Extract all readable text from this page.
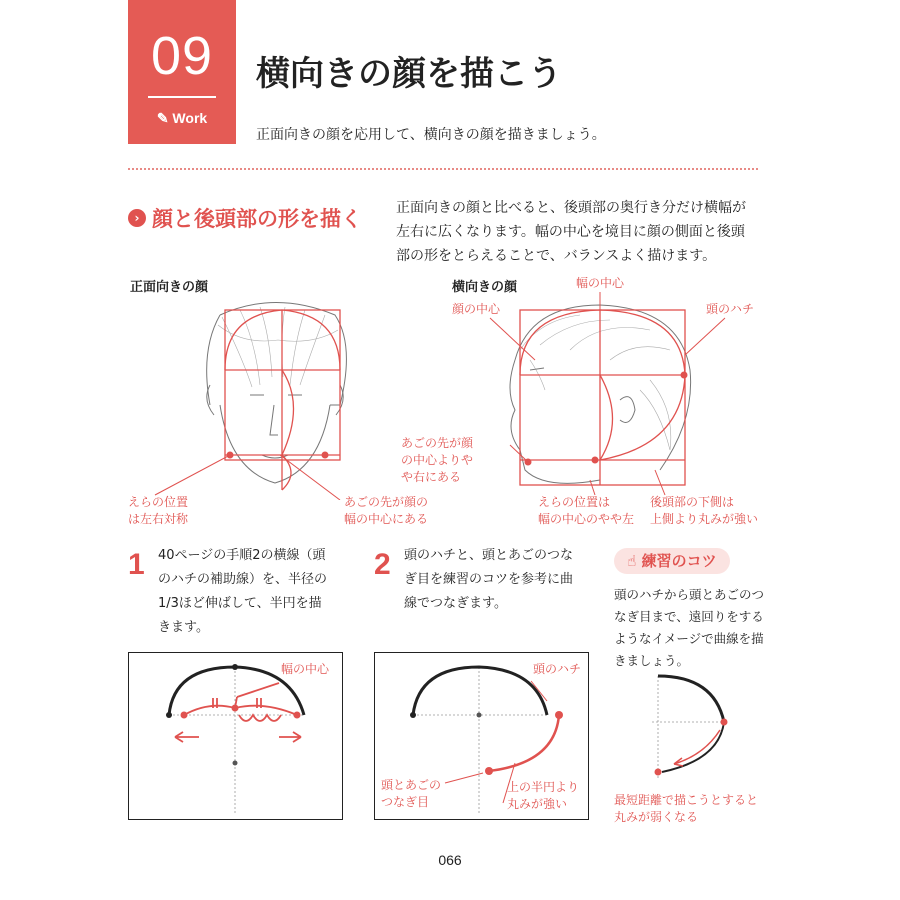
09
✎ Work
横向きの顔を描こう
正面向きの顔を応用して、横向きの顔を描きましょう。
› 顔と後頭部の形を描く 正面向きの顔と比べると、後頭部の奥行き分だけ横幅が左右に広くなります。幅の中心を境目に顔の側面と後頭部の形をとらえることで、バランスよく描けます。
正面向きの顔	横向きの顔
えらの位置
は左右対称
あごの先が顔の
幅の中心にある
幅の中心
顔の中心	頭のハチ
あごの先が顔
の中心よりや
や右にある
えらの位置は
幅の中心のやや左
後頭部の下側は
上側より丸みが強い
1 40ページの手順2の横線（頭
のハチの補助線）を、半径の
1/3ほど伸ばして、半円を描
きます。
2 頭のハチと、頭とあごのつな
ぎ目を練習のコツを参考に曲
線でつなぎます。
☝ 練習のコツ
頭のハチから頭とあごのつ
なぎ目まで、遠回りをする
ようなイメージで曲線を描
きましょう。
幅の中心	頭のハチ
頭とあごの
つなぎ目
上の半円より
丸みが強い	最短距離で描こうとすると
丸みが弱くなる
066
